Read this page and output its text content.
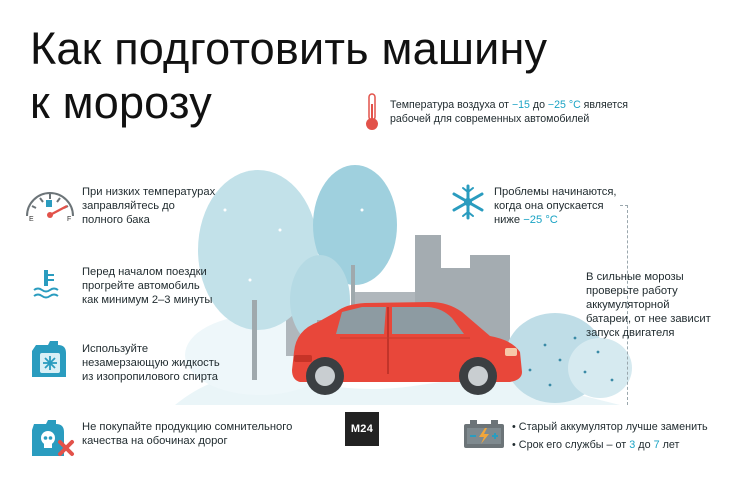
Как подготовить машину
к морозу	Температура воздуха от −15 до −25 °С является
рабочей для современных автомобилей
E	F
При низких температурах
заправляйтесь до
полного бака
Перед началом поездки
прогрейте автомобиль
как минимум 2–3 минуты
Используйте
незамерзающую жидкость
из изопропилового спирта
Не покупайте продукцию сомнительного
качества на обочинах дорог
Проблемы начинаются,
когда она опускается
ниже −25 °С
В сильные морозы
проверьте работу
аккумуляторной
батареи, от нее зависит
запуск двигателя
• Старый аккумулятор лучше заменить
• Срок его службы – от 3 до 7 лет
M24
